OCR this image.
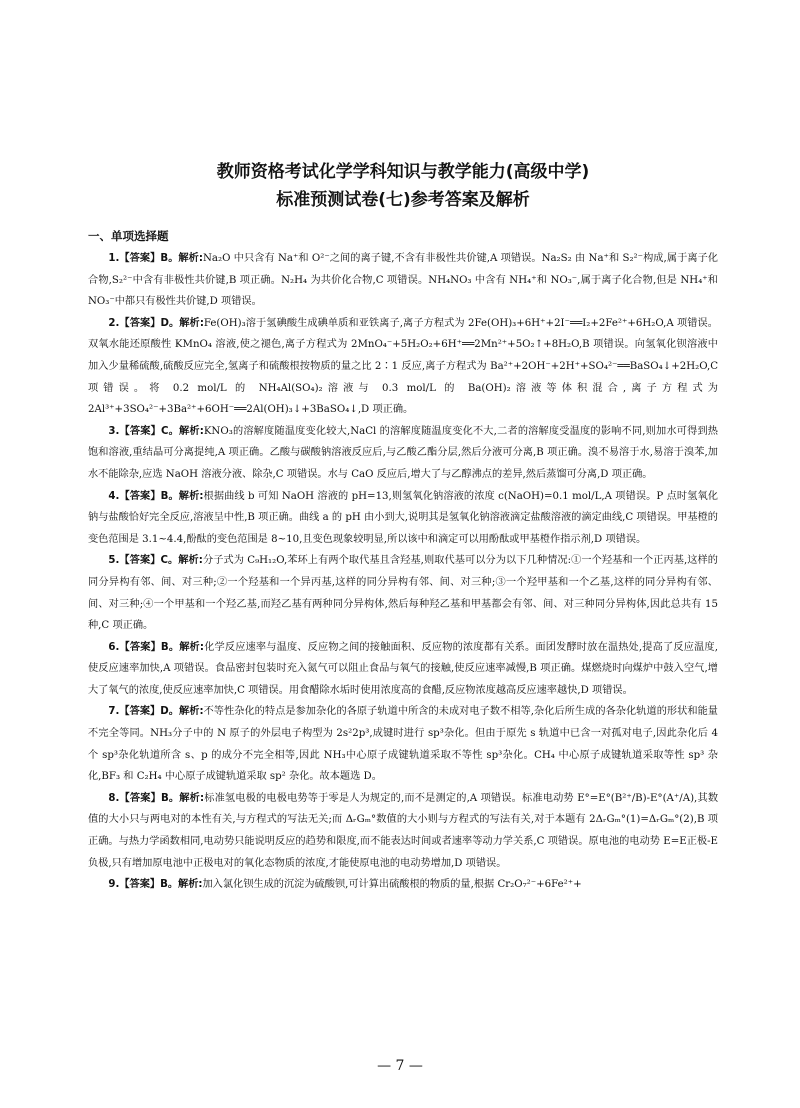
教师资格考试化学学科知识与教学能力(高级中学)
标准预测试卷(七)参考答案及解析
一、单项选择题

1.【答案】B。解析:Na₂O 中只含有 Na⁺和 O²⁻之间的离子键,不含有非极性共价键,A 项错误。Na₂S₂ 由 Na⁺和 S₂²⁻构成,属于离子化合物,S₂²⁻中含有非极性共价键,B 项正确。N₂H₄ 为共价化合物,C 项错误。NH₄NO₃ 中含有 NH₄⁺和 NO₃⁻,属于离子化合物,但是 NH₄⁺和 NO₃⁻中都只有极性共价键,D 项错误。

2.【答案】D。解析:Fe(OH)₃溶于氢碘酸生成碘单质和亚铁离子,离子方程式为 2Fe(OH)₃+6H⁺+2I⁻══I₂+2Fe²⁺+6H₂O,A 项错误。双氧水能还原酸性 KMnO₄ 溶液,使之褪色,离子方程式为 2MnO₄⁻+5H₂O₂+6H⁺══2Mn²⁺+5O₂↑+8H₂O,B 项错误。向氢氧化钡溶液中加入少量稀硫酸,硫酸反应完全,氢离子和硫酸根按物质的量之比 2∶1 反应,离子方程式为 Ba²⁺+2OH⁻+2H⁺+SO₄²⁻══BaSO₄↓+2H₂O,C 项错误。将 0.2 mol/L 的 NH₄Al(SO₄)₂溶液与 0.3 mol/L 的 Ba(OH)₂溶液等体积混合,离子方程式为 2Al³⁺+3SO₄²⁻+3Ba²⁺+6OH⁻══2Al(OH)₃↓+3BaSO₄↓,D 项正确。

3.【答案】C。解析:KNO₃的溶解度随温度变化较大,NaCl 的溶解度随温度变化不大,二者的溶解度受温度的影响不同,则加水可得到热饱和溶液,重结晶可分离提纯,A 项正确。乙酸与碳酸钠溶液反应后,与乙酸乙酯分层,然后分液可分离,B 项正确。溴不易溶于水,易溶于溴苯,加水不能除杂,应选 NaOH 溶液分液、除杂,C 项错误。水与 CaO 反应后,增大了与乙醇沸点的差异,然后蒸馏可分离,D 项正确。

4.【答案】B。解析:根据曲线 b 可知 NaOH 溶液的 pH=13,则氢氧化钠溶液的浓度 c(NaOH)=0.1 mol/L,A 项错误。P 点时氢氧化钠与盐酸恰好完全反应,溶液呈中性,B 项正确。曲线 a 的 pH 由小到大,说明其是氢氧化钠溶液滴定盐酸溶液的滴定曲线,C 项错误。甲基橙的变色范围是 3.1~4.4,酚酞的变色范围是 8~10,且变色现象较明显,所以该中和滴定可以用酚酞或甲基橙作指示剂,D 项错误。

5.【答案】C。解析:分子式为 C₉H₁₂O,苯环上有两个取代基且含羟基,则取代基可以分为以下几种情况:①一个羟基和一个正丙基,这样的同分异构有邻、间、对三种;②一个羟基和一个异丙基,这样的同分异构有邻、间、对三种;③一个羟甲基和一个乙基,这样的同分异构有邻、间、对三种;④一个甲基和一个羟乙基,而羟乙基有两种同分异构体,然后每种羟乙基和甲基都会有邻、间、对三种同分异构体,因此总共有 15 种,C 项正确。

6.【答案】B。解析:化学反应速率与温度、反应物之间的接触面积、反应物的浓度都有关系。面团发酵时放在温热处,提高了反应温度,使反应速率加快,A 项错误。食品密封包装时充入氮气可以阻止食品与氧气的接触,使反应速率减慢,B 项正确。煤燃烧时向煤炉中鼓入空气,增大了氧气的浓度,使反应速率加快,C 项错误。用食醋除水垢时使用浓度高的食醋,反应物浓度越高反应速率越快,D 项错误。

7.【答案】D。解析:不等性杂化的特点是参加杂化的各原子轨道中所含的未成对电子数不相等,杂化后所生成的各杂化轨道的形状和能量不完全等同。NH₃分子中的 N 原子的外层电子构型为 2s²2p³,成键时进行 sp³杂化。但由于原先 s 轨道中已含一对孤对电子,因此杂化后 4 个 sp³杂化轨道所含 s、p 的成分不完全相等,因此 NH₃中心原子成键轨道采取不等性 sp³杂化。CH₄ 中心原子成键轨道采取等性 sp³ 杂化,BF₃ 和 C₂H₄ 中心原子成键轨道采取 sp² 杂化。故本题选 D。

8.【答案】B。解析:标准氢电极的电极电势等于零是人为规定的,而不是测定的,A 项错误。标准电动势 E°=E°(B²⁺/B)-E°(A⁺/A),其数值的大小只与两电对的本性有关,与方程式的写法无关;而 ΔᵣGₘ°数值的大小则与方程式的写法有关,对于本题有 2ΔᵣGₘ°(1)=ΔᵣGₘ°(2),B 项正确。与热力学函数相同,电动势只能说明反应的趋势和限度,而不能表达时间或者速率等动力学关系,C 项错误。原电池的电动势 E=E正极-E负极,只有增加原电池中正极电对的氧化态物质的浓度,才能使原电池的电动势增加,D 项错误。

9.【答案】B。解析:加入氯化钡生成的沉淀为硫酸钡,可计算出硫酸根的物质的量,根据 Cr₂O₇²⁻+6Fe²⁺+

— 7 —
